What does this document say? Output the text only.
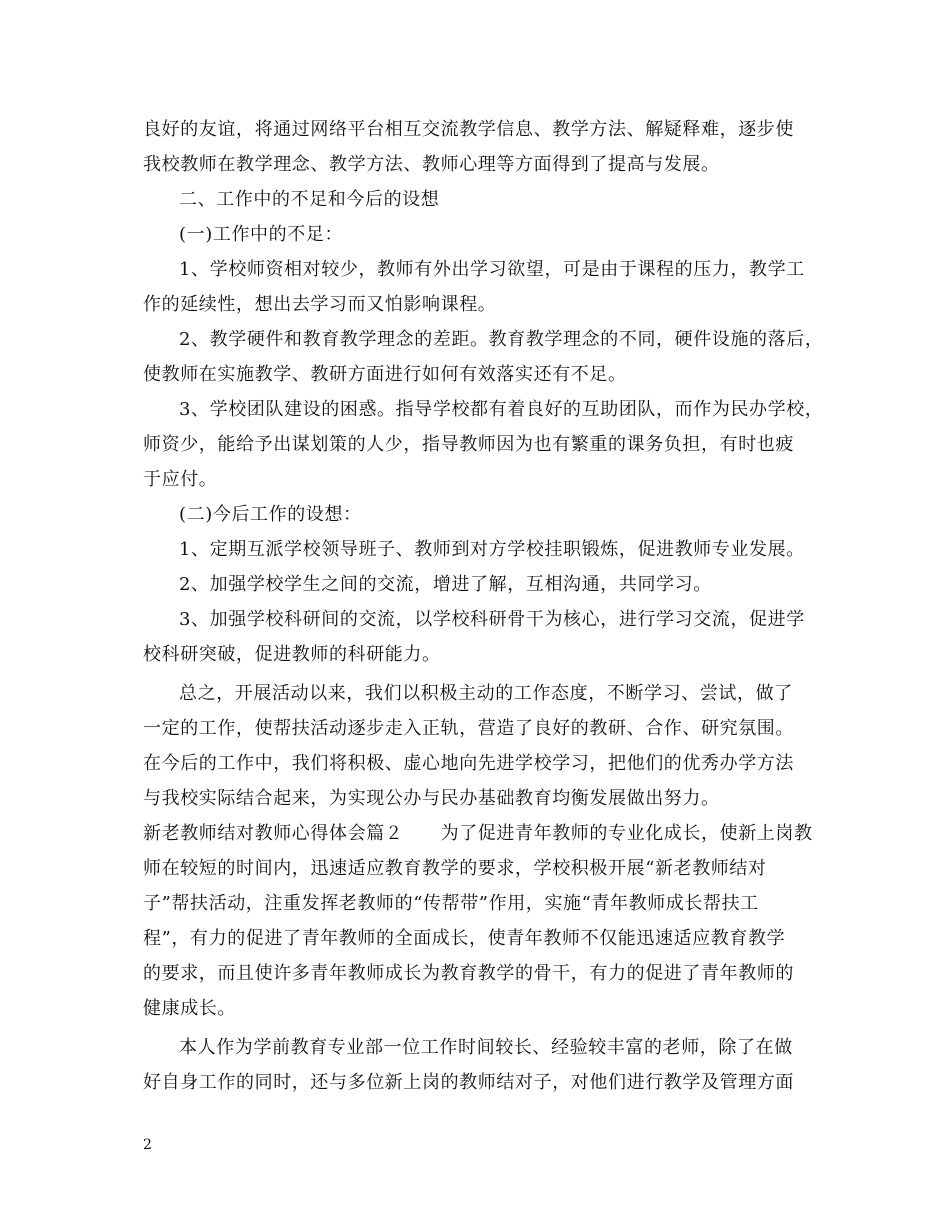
良好的友谊，将通过网络平台相互交流教学信息、教学方法、解疑释难，逐步使
我校教师在教学理念、教学方法、教师心理等方面得到了提高与发展。
二、工作中的不足和今后的设想
(一)工作中的不足：
1、学校师资相对较少，教师有外出学习欲望，可是由于课程的压力，教学工
作的延续性，想出去学习而又怕影响课程。
2、教学硬件和教育教学理念的差距。教育教学理念的不同，硬件设施的落后，
使教师在实施教学、教研方面进行如何有效落实还有不足。
3、学校团队建设的困惑。指导学校都有着良好的互助团队，而作为民办学校，
师资少，能给予出谋划策的人少，指导教师因为也有繁重的课务负担，有时也疲
于应付。
(二)今后工作的设想：
1、定期互派学校领导班子、教师到对方学校挂职锻炼，促进教师专业发展。
2、加强学校学生之间的交流，增进了解，互相沟通，共同学习。
3、加强学校科研间的交流，以学校科研骨干为核心，进行学习交流，促进学
校科研突破，促进教师的科研能力。
总之，开展活动以来，我们以积极主动的工作态度，不断学习、尝试，做了
一定的工作，使帮扶活动逐步走入正轨，营造了良好的教研、合作、研究氛围。
在今后的工作中，我们将积极、虚心地向先进学校学习，把他们的优秀办学方法
与我校实际结合起来，为实现公办与民办基础教育均衡发展做出努力。
新老教师结对教师心得体会篇２　　为了促进青年教师的专业化成长，使新上岗教
师在较短的时间内，迅速适应教育教学的要求，学校积极开展“新老教师结对
子”帮扶活动，注重发挥老教师的“传帮带”作用，实施“青年教师成长帮扶工
程”，有力的促进了青年教师的全面成长，使青年教师不仅能迅速适应教育教学
的要求，而且使许多青年教师成长为教育教学的骨干，有力的促进了青年教师的
健康成长。
本人作为学前教育专业部一位工作时间较长、经验较丰富的老师，除了在做
好自身工作的同时，还与多位新上岗的教师结对子，对他们进行教学及管理方面
2
